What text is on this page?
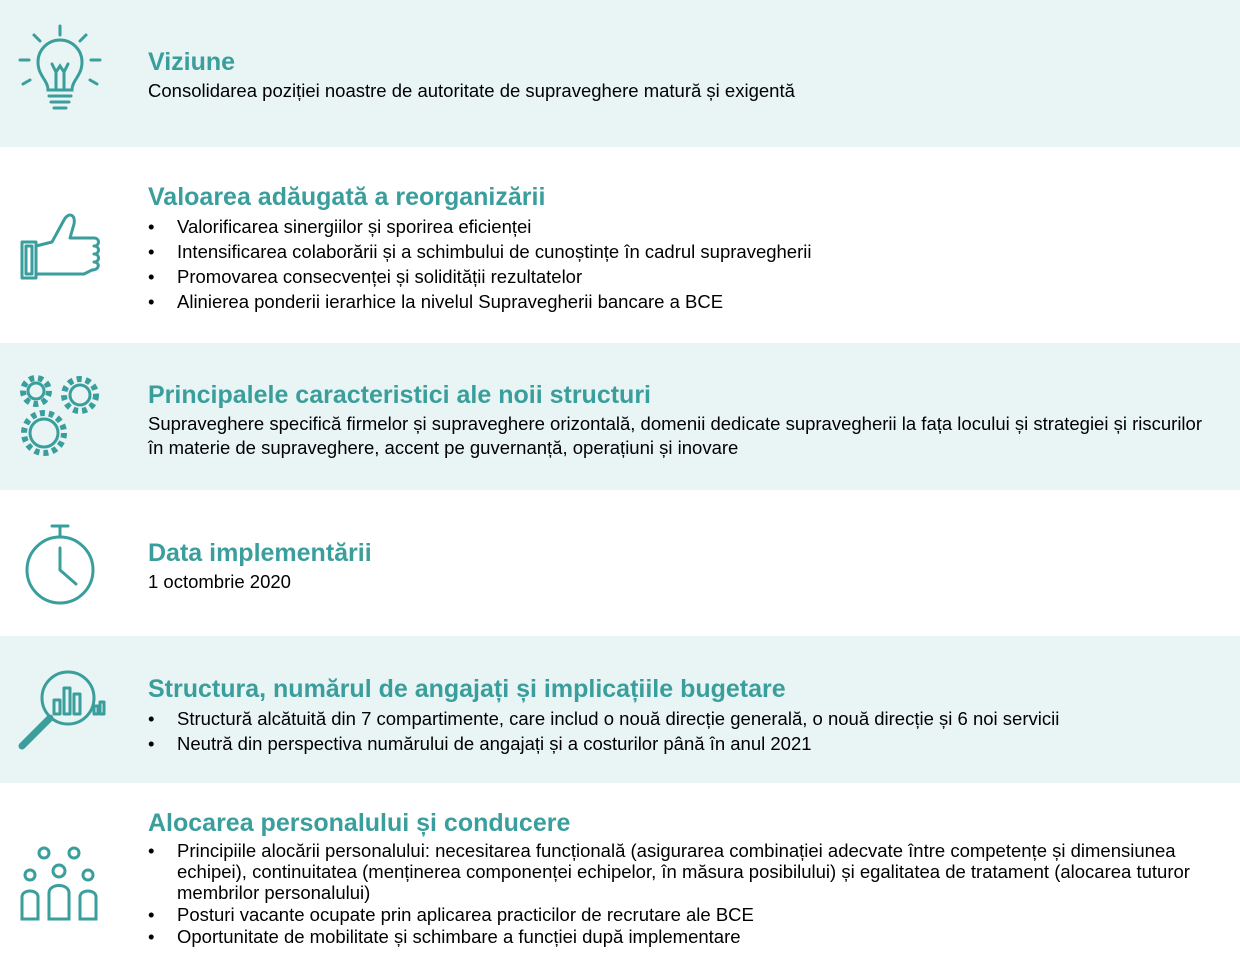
Viziune

Consolidarea poziției noastre de autoritate de supraveghere matură și exigentă

Valoarea adăugată a reorganizării
• Valorificarea sinergiilor și sporirea eficienței
• Intensificarea colaborării și a schimbului de cunoștințe în cadrul supravegherii
• Promovarea consecvenței și solidității rezultatelor
• Alinierea ponderii ierarhice la nivelul Supravegherii bancare a BCE
Principalele caracteristici ale noii structuri

Supraveghere specifică firmelor și supraveghere orizontală, domenii dedicate supravegherii la fața locului și strategiei și riscurilor în materie de supraveghere, accent pe guvernanță, operațiuni și inovare

Data implementării

1 octombrie 2020

Structura, numărul de angajați și implicațiile bugetare
• Structură alcătuită din 7 compartimente, care includ o nouă direcție generală, o nouă direcție și 6 noi servicii
• Neutră din perspectiva numărului de angajați și a costurilor până în anul 2021
Alocarea personalului și conducere
• Principiile alocării personalului: necesitarea funcțională (asigurarea combinației adecvate între competențe și dimensiunea echipei), continuitatea (menținerea componenței echipelor, în măsura posibilului) și egalitatea de tratament (alocarea tuturor membrilor personalului)
• Posturi vacante ocupate prin aplicarea practicilor de recrutare ale BCE
• Oportunitate de mobilitate și schimbare a funcției după implementare
